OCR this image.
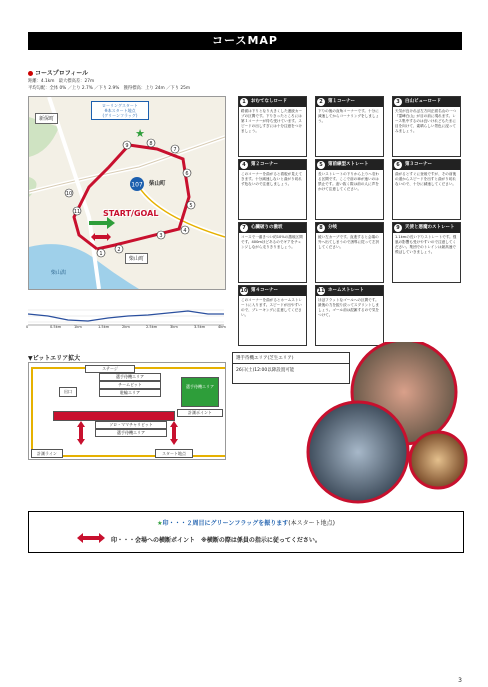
コースMAP
コースプロフィール
距離：4.1km　最大標高差：27m
平均勾配：全体 0% ／上り 2.7% ／下り 2.9%　獲得標高：上り 24m ／下り 25m
107
★
1
2
3
4
5
6
7
8
9
10
11
新保町
ローリングスタート
※本スタート地点
(グリーンフラッグ)
柴山町
START/GOAL
柴山町
柴山潟
1	おむてなしロード
路面は下りとなり大きくした連続カーブの区間です。下りきったところには第１コーナーが待ち受けています。スピードの出しすぎには十分注意をつけましょう。
2	第１コーナー
下りの後の直角コーナーです。十分に減速してからコーナリングをしましょう。
3	白山ビューロード
天気が良ければ左方向正面名山の一つ『霊峰白山』が目の前に現れます。レース集中するのは良いけれどもたまに目を向けて、素晴らしい景色に浸ってみましょう。
4	第２コーナー
このコーナーを曲がると看板が見えてきます。十分減速しないと曲がり切れず危ないので注意しましょう。
5	第前線型ストレート
長いストレートの下りから上りへ変わる区間です。ここで前の車が速いのは禁止です。追い抜く際は前の人に声をかけて注意してください。
6	第３コーナー
曲がるとすぐに登坂ですが、その前後の道からスピードを出すと曲がり切れないので、十分に減速してください。
7	心臓破りの激坂
コースで一番きつい約10%の激坂区間です。400mほどあるのでギアをチェンジしながら走りきりましょう。
8	分岐
緩い左カーブです。直進すると会場の外へ出てしまうので誘導に従って左折してください。
9	天使と悪魔のストレート
1.1kmの長い下りストレートです。強風の影響も受けやすいので注意してください。集団でのトレインは最高速で飛ばしていきましょう。
10 第４コーナー
このコーナーを曲がるとホームストレートに入ります。スピードが出やすいので、ブレーキングに注意してください。
11 ホームストレート
ほぼフラットなゴールへの区間です。最後の力を振り絞ってスプリントしましょう。ゴール前は混雑するので気をつけて。
0	0.5km	1km	1.5km	2km	2.5km	3km	3.5km	4km
▼ピットエリア拡大
ステージ
出口
選手待機エリア
チームピット
駐輪エリア
ソロ・ママチャリピット
選手待機エリア
選手待機エリア
計測ポイント
計測ライン	スタート地点
選手待機エリア(芝生エリア)
26日(土)12:00以降設置可能
★印・・・２周目にグリーンフラッグを振ります(本スタート地点)
印・・・会場への横断ポイント　※横断の際は係員の指示に従ってください。
3
